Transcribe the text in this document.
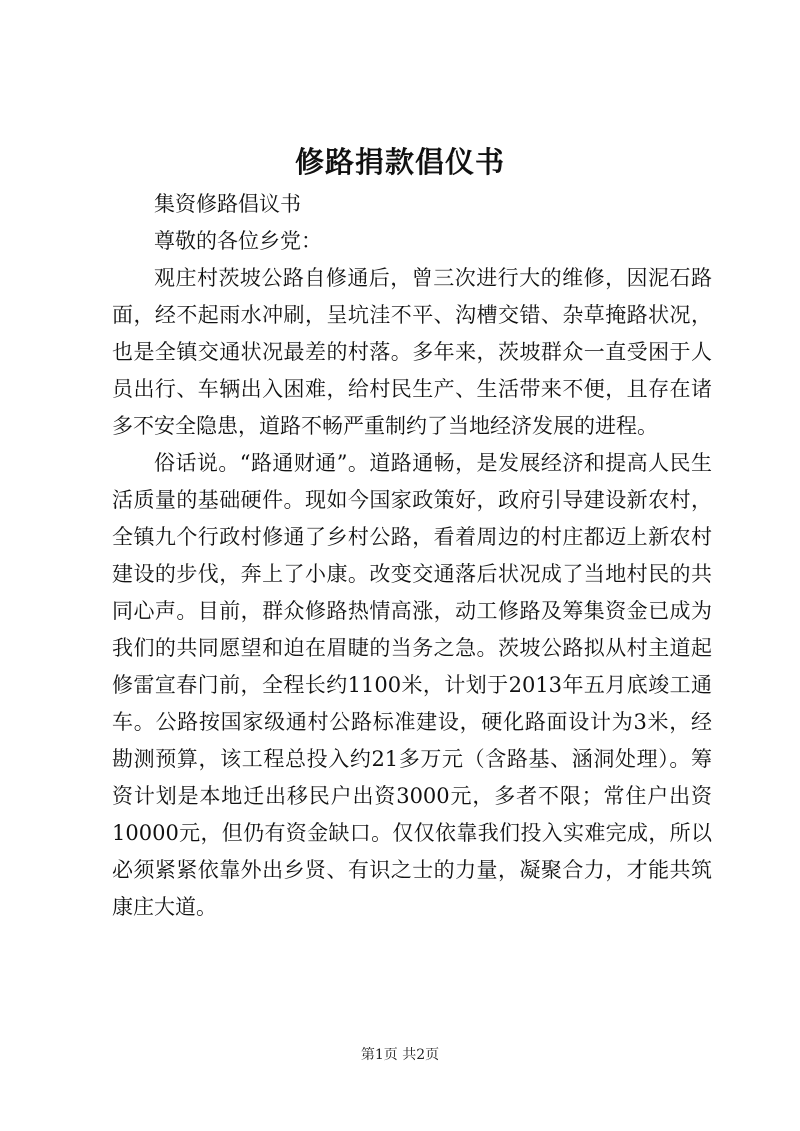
修路捐款倡仪书

集资修路倡议书

尊敬的各位乡党：

观庄村茨坡公路自修通后，曾三次进行大的维修，因泥石路面，经不起雨水冲刷，呈坑洼不平、沟槽交错、杂草掩路状况，也是全镇交通状况最差的村落。多年来，茨坡群众一直受困于人员出行、车辆出入困难，给村民生产、生活带来不便，且存在诸多不安全隐患，道路不畅严重制约了当地经济发展的进程。

俗话说。“路通财通”。道路通畅，是发展经济和提高人民生活质量的基础硬件。现如今国家政策好，政府引导建设新农村，全镇九个行政村修通了乡村公路，看着周边的村庄都迈上新农村建设的步伐，奔上了小康。改变交通落后状况成了当地村民的共同心声。目前，群众修路热情高涨，动工修路及筹集资金已成为我们的共同愿望和迫在眉睫的当务之急。茨坡公路拟从村主道起修雷宣春门前，全程长约1100米，计划于2013年五月底竣工通车。公路按国家级通村公路标准建设，硬化路面设计为3米，经勘测预算，该工程总投入约21多万元（含路基、涵洞处理）。筹资计划是本地迁出移民户出资3000元，多者不限；常住户出资10000元，但仍有资金缺口。仅仅依靠我们投入实难完成，所以必须紧紧依靠外出乡贤、有识之士的力量，凝聚合力，才能共筑康庄大道。

第1页 共2页
